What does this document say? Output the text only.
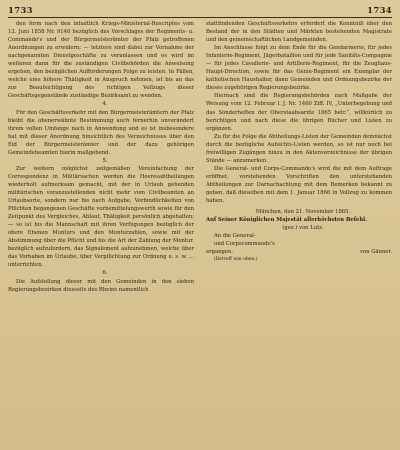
1733	1734

den form nach den inhaltlich Kriegs-Ministerial-Rescriptes vom 12. Juni 1858 Nr. 9140 bezüglich des Vorschlages der Regiments- u. Commando's und der Bürgermeisterämter der Pfalz getroffenen Anordnungen zu erwidern; — letztere sind dabei zur Vornahme der nachgenannten Dienstgeschäfte zu veranlassen und es wird im weiteren dann für die zuständigen Civilbehörden die Anweisung ergehen, den bezüglichen Aufforderungen Folge zu leisten. In Fällen, welche eine höhere Thätigkeit in Anspruch nehmen, ist bis an das zur Beaufsichtigung des richtigen Vollzugs dieser Geschäftsgegenstände zuständige Bezirksamt zu wenden.

4.

Für den Geschäftsverkehr mit den Bürgermeisterämtern der Pfalz bleibt die obenerwähnte Bestimmung auch fernerhin unverändert ihrem vollen Umfange nach in Anwendung und es ist insbesondere hat mit dieser Anordnung hinsichtlich des Verzeichnisses über den Eid der Bürgermeisterämter und der dazu gehörigen Gemeindebeamten hierin maßgebend.

5.

Zur weitern möglichst zeitgemäßen Vereinfachung der Correspondenz in Militärsachen werden die Heeresabtheilungen wiederholt aufmerksam gemacht, mit der in Urlaub gehenden militärischen voranzustellenden nicht mehr vom Civilbeamten an Urlaubsorte, sondern nur bis nach Aufgabe, Verbindlichkeiten von Pflichten begangenen Geschäfte vorbemittelungswerth sowie für den Zeitpunkt des Vergleiches, Ablauf, Thätigkeit persönlich abgehalten; — so ist bis die Mannschaft mit ihren Verfügungen bezüglich der obere Ebenen Monturs und den Monturzahlen, sowie mit der Abstimmung über die Pflicht und bis die Art der Zahlung der Montur. bezüglich aufzufordern, das Signalement aufzunehmen, welche über das Vorhaben im Urlaube, über Verpflichtung zur Ordnung u. s. w. ... unterrichten.

6.

Die Aufstellung dieser mit den Gemeinden in den sieben Regierungsbezirken diesseits des Rheins namentlich

stattfindenden Geschäftsverkehrs erfordert die Kenntniß über den Bestand der in den Städten und Märkten bestehenden Magistrate und den gemeinschaftlichen Landgemeinden.

Im Anschlusse folgt zu dem Ende für die Gendarmerie, für jedes Infanterie-Regiment, Jägerbataillon und für jede Sanitäts-Compagnie — für jedes Cavallerie- und Artillerie-Regiment, für die Zeughaus-Haupt-Direction, sowie für das Genie-Regiment ein Exemplar der katholischen Haushalter, dann Gemeinden und Ordnungsbezirke der dieses zugehörigen Regierungsbezirke.

Hiernach sind die Regierungsbehörden nach Maßgabe der Weisung vom 12. Februar l. J. Nr. 1460 Ziff. IV, „Unterbegebung und das Sonderheften der Oberstaabsarzte 1865 betr.“, willkürlich zu berichtigen und nach diese die übrigen Bücher und Listen zu ergänzen.

Zu für die Folge die Abtheilungs-Listen der Gemeinden demnächst durch die bezügliche Aufsichts-Listen werden, so ist nur noch bei freiwilligen Zugängen hinzu in den Aktenverzeichnisse der übrigen Stände — anzumerken.

Die General- und Corps-Commando's wird die mit dem Auftrage eröffnet, vorstehenden Vorschriften den unterstehenden Abtheilungen zur Darnachachtung mit dem Bemerken bekannt zu geben, daß dieselben mit dem 1. Januar 1866 in Vollzug zu kommen haben.

München, den 21. November 1865.

Auf Seiner Königlichen Majestät allerhöchsten Befehl.

(gez.) von Lutz.

An die General-

und Corpscommando's

ergangen.	von Gänner.

(Betreff wie oben.)
